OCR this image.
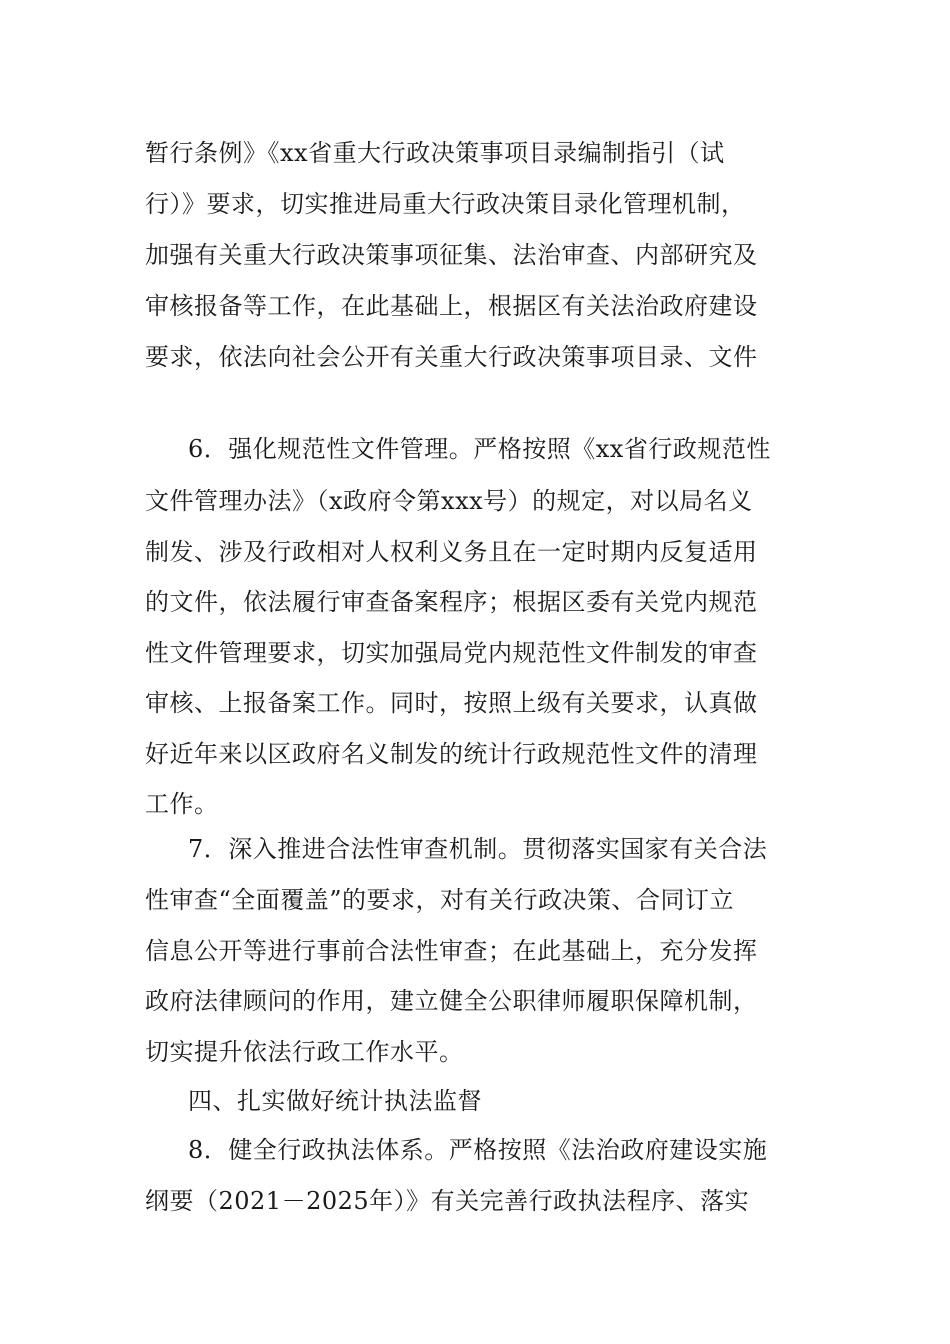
暂行条例》《xx省重大行政决策事项目录编制指引（试
行）》要求，切实推进局重大行政决策目录化管理机制，
加强有关重大行政决策事项征集、法治审查、内部研究及
审核报备等工作，在此基础上，根据区有关法治政府建设
要求，依法向社会公开有关重大行政决策事项目录、文件
6．强化规范性文件管理。严格按照《xx省行政规范性
文件管理办法》（x政府令第xxx号）的规定，对以局名义
制发、涉及行政相对人权利义务且在一定时期内反复适用
的文件，依法履行审查备案程序；根据区委有关党内规范
性文件管理要求，切实加强局党内规范性文件制发的审查
审核、上报备案工作。同时，按照上级有关要求，认真做
好近年来以区政府名义制发的统计行政规范性文件的清理
工作。
7．深入推进合法性审查机制。贯彻落实国家有关合法
性审查“全面覆盖”的要求，对有关行政决策、合同订立
信息公开等进行事前合法性审查；在此基础上，充分发挥
政府法律顾问的作用，建立健全公职律师履职保障机制，
切实提升依法行政工作水平。
四、扎实做好统计执法监督
8．健全行政执法体系。严格按照《法治政府建设实施
纲要（2021－2025年）》有关完善行政执法程序、落实
